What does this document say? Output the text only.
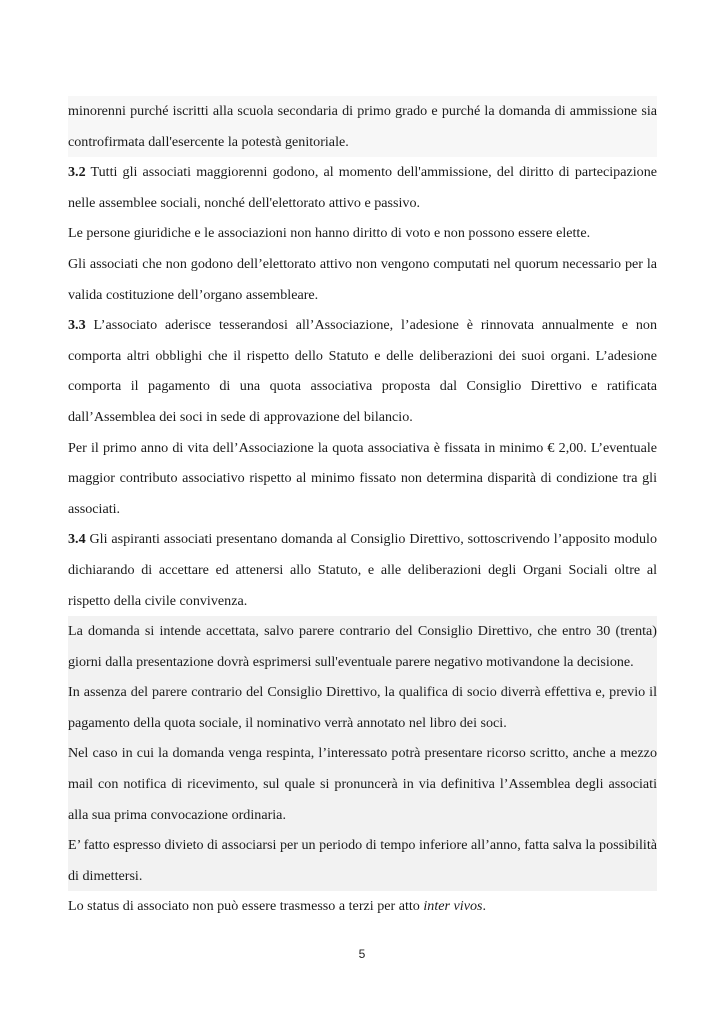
minorenni purché iscritti alla scuola secondaria di primo grado e purché la domanda di ammissione sia controfirmata dall'esercente la potestà genitoriale.

3.2 Tutti gli associati maggiorenni godono, al momento dell'ammissione, del diritto di partecipazione nelle assemblee sociali, nonché dell'elettorato attivo e passivo.

Le persone giuridiche e le associazioni non hanno diritto di voto e non possono essere elette.

Gli associati che non godono dell’elettorato attivo non vengono computati nel quorum necessario per la valida costituzione dell’organo assembleare.

3.3 L’associato aderisce tesserandosi all’Associazione, l’adesione è rinnovata annualmente e non comporta altri obblighi che il rispetto dello Statuto e delle deliberazioni dei suoi organi. L’adesione comporta il pagamento di una quota associativa proposta dal Consiglio Direttivo e ratificata dall’Assemblea dei soci in sede di approvazione del bilancio.

Per il primo anno di vita dell’Associazione la quota associativa è fissata in minimo € 2,00. L’eventuale maggior contributo associativo rispetto al minimo fissato non determina disparità di condizione tra gli associati.

3.4 Gli aspiranti associati presentano domanda al Consiglio Direttivo, sottoscrivendo l’apposito modulo dichiarando di accettare ed attenersi allo Statuto, e alle deliberazioni degli Organi Sociali oltre al rispetto della civile convivenza.

La domanda si intende accettata, salvo parere contrario del Consiglio Direttivo, che entro 30 (trenta) giorni dalla presentazione dovrà esprimersi sull'eventuale parere negativo motivandone la decisione.

In assenza del parere contrario del Consiglio Direttivo, la qualifica di socio diverrà effettiva e, previo il pagamento della quota sociale, il nominativo verrà annotato nel libro dei soci.

Nel caso in cui la domanda venga respinta, l’interessato potrà presentare ricorso scritto, anche a mezzo mail con notifica di ricevimento, sul quale si pronuncerà in via definitiva l’Assemblea degli associati alla sua prima convocazione ordinaria.

E’ fatto espresso divieto di associarsi per un periodo di tempo inferiore all’anno, fatta salva la possibilità di dimettersi.

Lo status di associato non può essere trasmesso a terzi per atto inter vivos.

5
